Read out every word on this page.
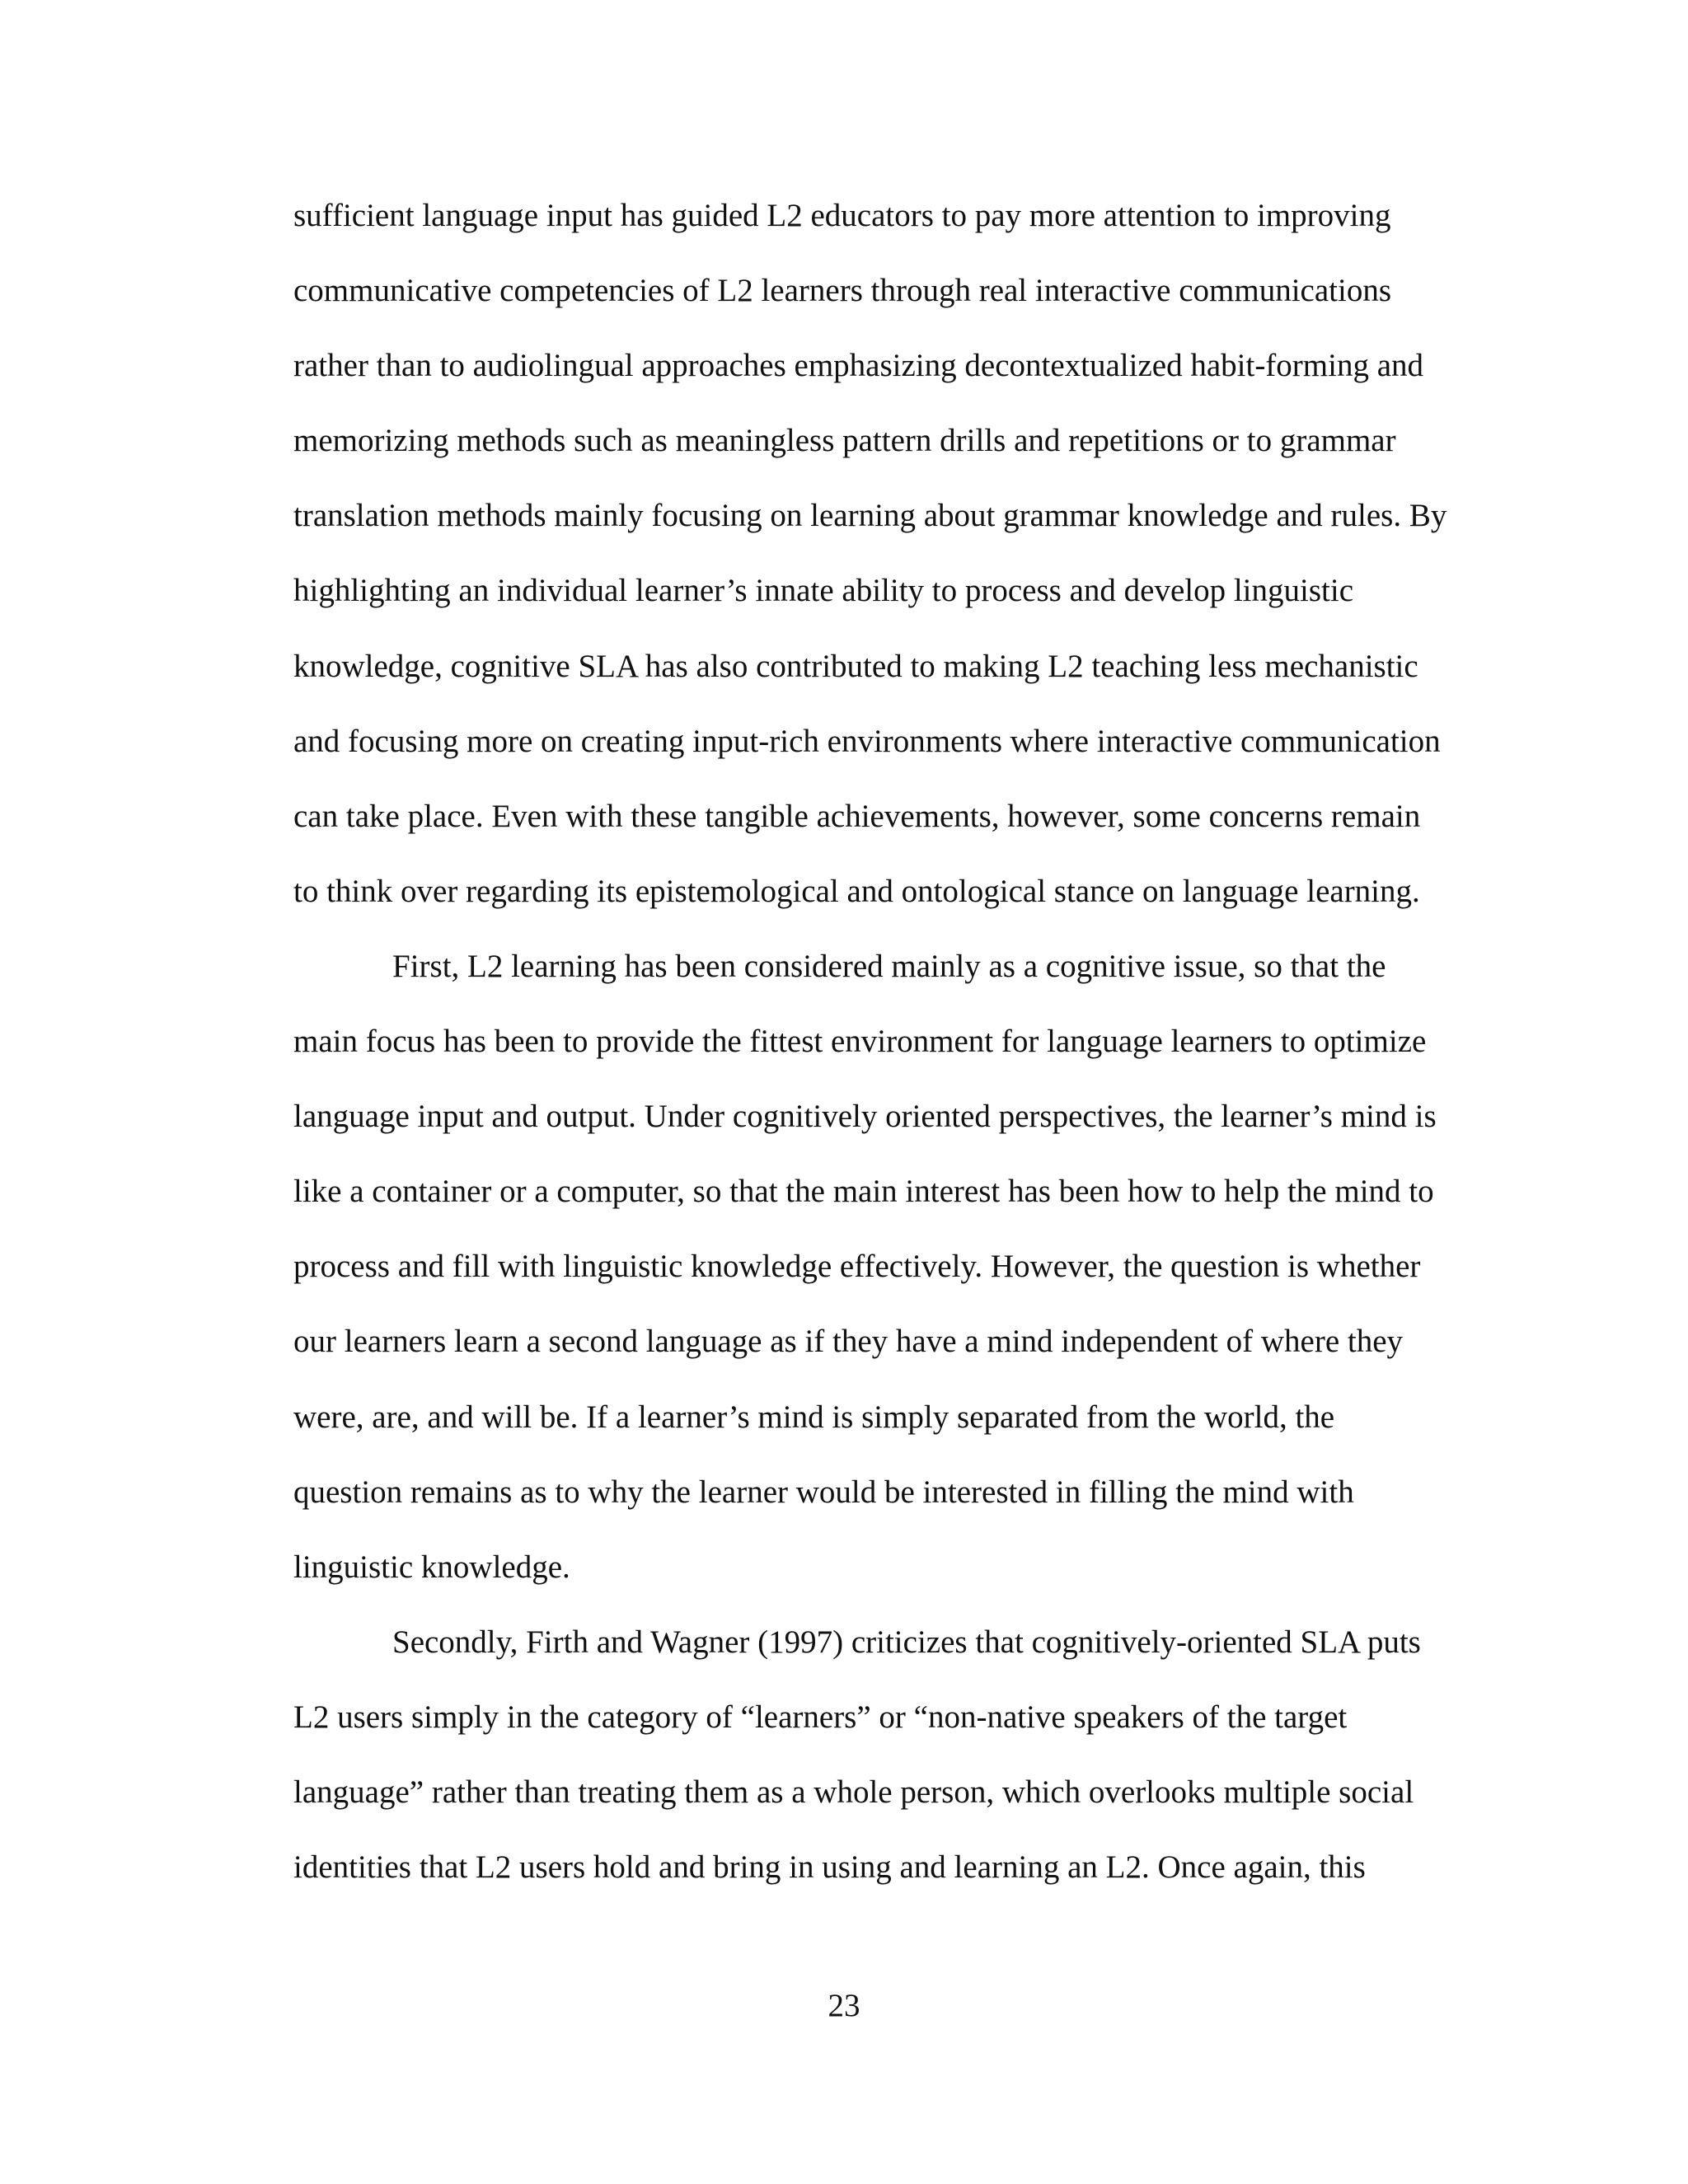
sufficient language input has guided L2 educators to pay more attention to improving
communicative competencies of L2 learners through real interactive communications
rather than to audiolingual approaches emphasizing decontextualized habit-forming and
memorizing methods such as meaningless pattern drills and repetitions or to grammar
translation methods mainly focusing on learning about grammar knowledge and rules. By
highlighting an individual learner’s innate ability to process and develop linguistic
knowledge, cognitive SLA has also contributed to making L2 teaching less mechanistic
and focusing more on creating input-rich environments where interactive communication
can take place. Even with these tangible achievements, however, some concerns remain
to think over regarding its epistemological and ontological stance on language learning.
First, L2 learning has been considered mainly as a cognitive issue, so that the
main focus has been to provide the fittest environment for language learners to optimize
language input and output. Under cognitively oriented perspectives, the learner’s mind is
like a container or a computer, so that the main interest has been how to help the mind to
process and fill with linguistic knowledge effectively. However, the question is whether
our learners learn a second language as if they have a mind independent of where they
were, are, and will be. If a learner’s mind is simply separated from the world, the
question remains as to why the learner would be interested in filling the mind with
linguistic knowledge.
Secondly, Firth and Wagner (1997) criticizes that cognitively-oriented SLA puts
L2 users simply in the category of “learners” or “non-native speakers of the target
language” rather than treating them as a whole person, which overlooks multiple social
identities that L2 users hold and bring in using and learning an L2. Once again, this
23
